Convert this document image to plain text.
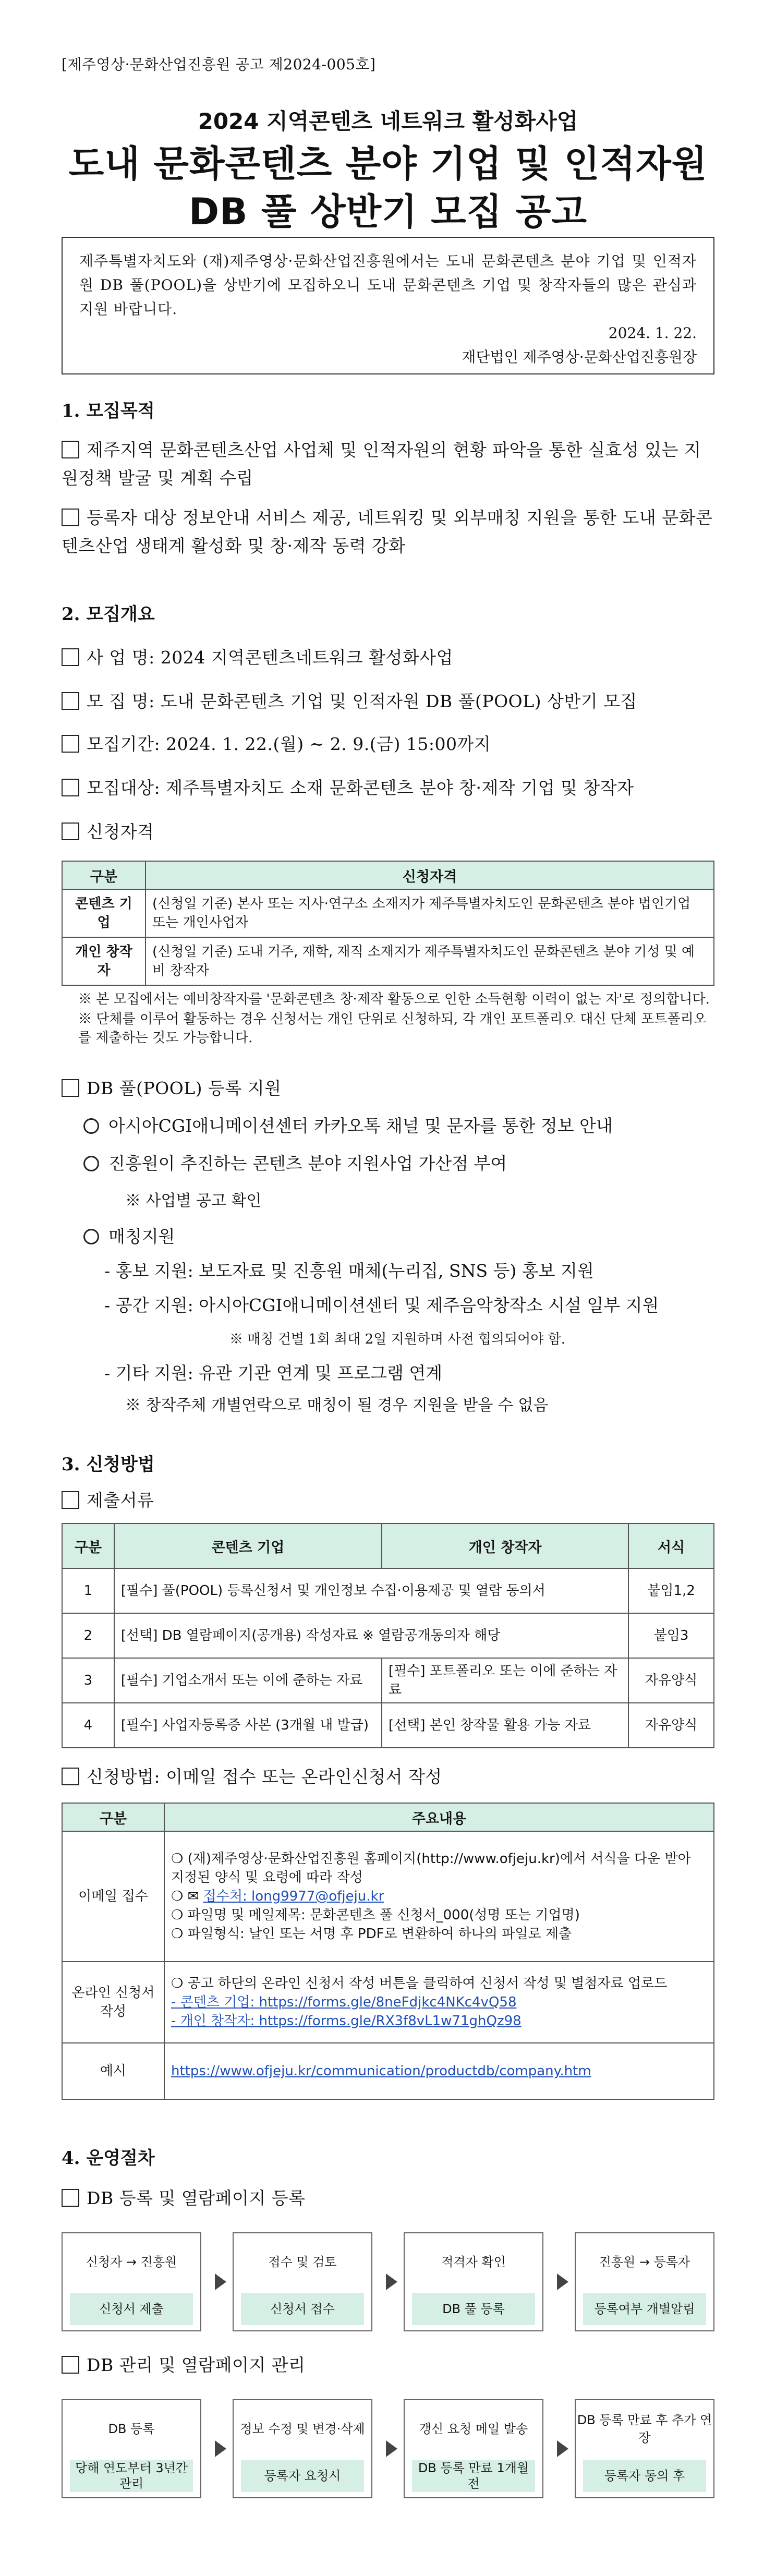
[제주영상·문화산업진흥원 공고 제2024-005호]
2024 지역콘텐츠 네트워크 활성화사업
도내 문화콘텐츠 분야 기업 및 인적자원
DB 풀 상반기 모집 공고
제주특별자치도와 (재)제주영상·문화산업진흥원에서는 도내 문화콘텐츠 분야 기업 및 인적자원 DB 풀(POOL)을 상반기에 모집하오니 도내 문화콘텐츠 기업 및 창작자들의 많은 관심과 지원 바랍니다.
2024. 1. 22.
재단법인 제주영상·문화산업진흥원장
1. 모집목적
제주지역 문화콘텐츠산업 사업체 및 인적자원의 현황 파악을 통한 실효성 있는 지원정책 발굴 및 계획 수립
등록자 대상 정보안내 서비스 제공, 네트워킹 및 외부매칭 지원을 통한 도내 문화콘텐츠산업 생태계 활성화 및 창·제작 동력 강화
2. 모집개요
사 업 명: 2024 지역콘텐츠네트워크 활성화사업
모 집 명: 도내 문화콘텐츠 기업 및 인적자원 DB 풀(POOL) 상반기 모집
모집기간: 2024. 1. 22.(월) ~ 2. 9.(금) 15:00까지
모집대상: 제주특별자치도 소재 문화콘텐츠 분야 창·제작 기업 및 창작자
신청자격
구분	신청자격
콘텐츠 기업	(신청일 기준) 본사 또는 지사·연구소 소재지가 제주특별자치도인 문화콘텐츠 분야 법인기업 또는 개인사업자
개인 창작자	(신청일 기준) 도내 거주, 재학, 재직 소재지가 제주특별자치도인 문화콘텐츠 분야 기성 및 예비 창작자
※ 본 모집에서는 예비창작자를 '문화콘텐츠 창·제작 활동으로 인한 소득현황 이력이 없는 자'로 정의합니다.
※ 단체를 이루어 활동하는 경우 신청서는 개인 단위로 신청하되, 각 개인 포트폴리오 대신 단체 포트폴리오를 제출하는 것도 가능합니다.
DB 풀(POOL) 등록 지원
아시아CGI애니메이션센터 카카오톡 채널 및 문자를 통한 정보 안내
진흥원이 추진하는 콘텐츠 분야 지원사업 가산점 부여
※ 사업별 공고 확인
매칭지원
- 홍보 지원: 보도자료 및 진흥원 매체(누리집, SNS 등) 홍보 지원
- 공간 지원: 아시아CGI애니메이션센터 및 제주음악창작소 시설 일부 지원
※ 매칭 건별 1회 최대 2일 지원하며 사전 협의되어야 함.
- 기타 지원: 유관 기관 연계 및 프로그램 연계
※ 창작주체 개별연락으로 매칭이 될 경우 지원을 받을 수 없음
3. 신청방법
제출서류
구분	콘텐츠 기업	개인 창작자	서식
1	[필수] 풀(POOL) 등록신청서 및 개인정보 수집·이용제공 및 열람 동의서		붙임1,2
2	[선택] DB 열람페이지(공개용) 작성자료 ※ 열람공개동의자 해당		붙임3
3	[필수] 기업소개서 또는 이에 준하는 자료	[필수] 포트폴리오 또는 이에 준하는 자료	자유양식
4	[필수] 사업자등록증 사본 (3개월 내 발급)	[선택] 본인 창작물 활용 가능 자료	자유양식
신청방법: 이메일 접수 또는 온라인신청서 작성
구분	주요내용
이메일 접수	❍ (재)제주영상·문화산업진흥원 홈페이지(http://www.ofjeju.kr)에서 서식을 다운 받아 지정된 양식 및 요령에 따라 작성
❍ ✉ 접수처: long9977@ofjeju.kr
❍ 파일명 및 메일제목: 문화콘텐츠 풀 신청서_000(성명 또는 기업명)
❍ 파일형식: 날인 또는 서명 후 PDF로 변환하여 하나의 파일로 제출

온라인 신청서 작성	❍ 공고 하단의 온라인 신청서 작성 버튼을 클릭하여 신청서 작성 및 별첨자료 업로드
- 콘텐츠 기업: https://forms.gle/8neFdjkc4NKc4vQ58
- 개인 창작자: https://forms.gle/RX3f8vL1w71ghQz98

예시	https://www.ofjeju.kr/communication/productdb/company.htm
4. 운영절차
DB 등록 및 열람페이지 등록
신청자 → 진흥원
신청서 제출
접수 및 검토
신청서 접수
적격자 확인
DB 풀 등록
진흥원 → 등록자
등록여부 개별알림
DB 관리 및 열람페이지 관리
DB 등록
당해 연도부터 3년간 관리
정보 수정 및 변경·삭제
등록자 요청시
갱신 요청 메일 발송
DB 등록 만료 1개월 전
DB 등록 만료 후 추가 연장
등록자 동의 후
